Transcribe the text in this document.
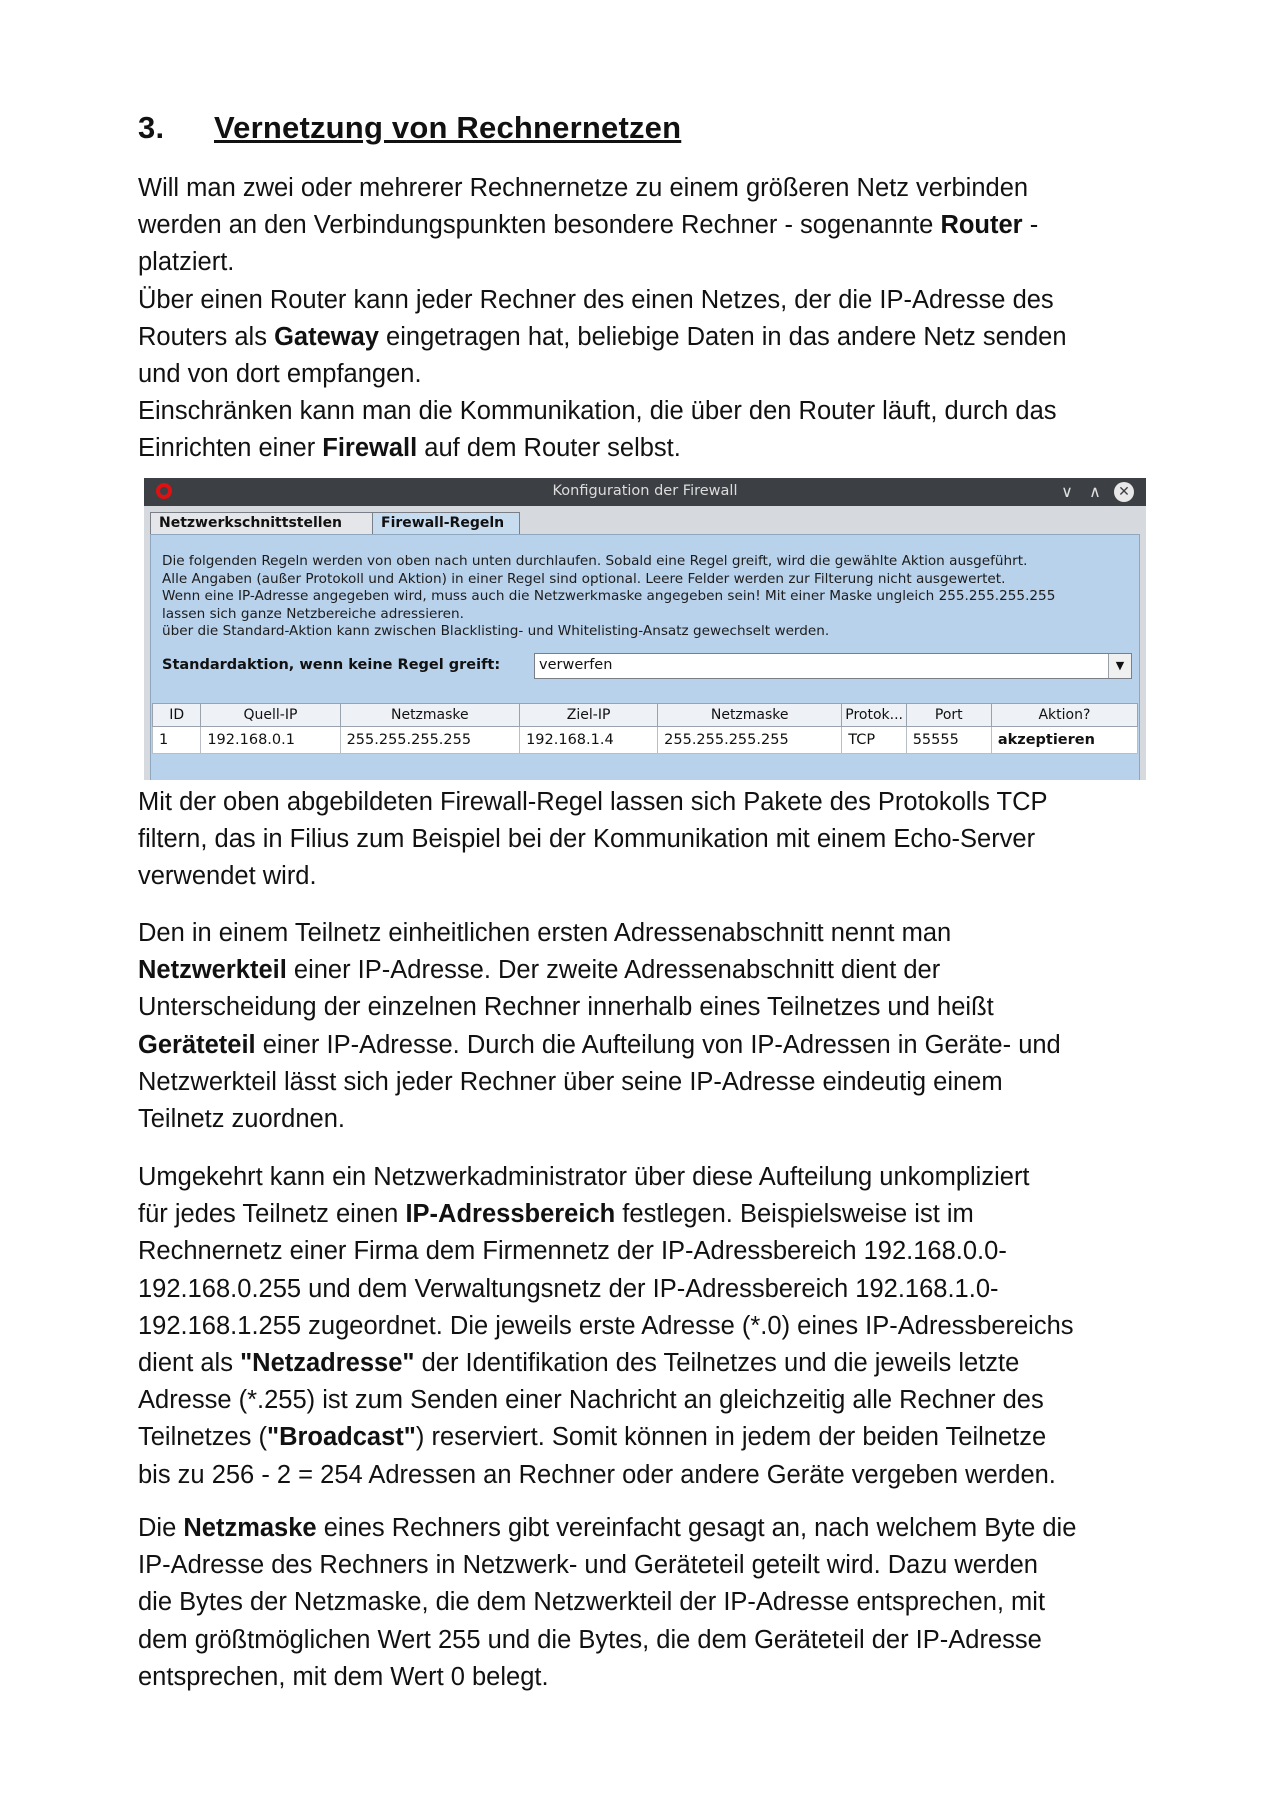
3. Vernetzung von Rechnernetzen

Will man zwei oder mehrerer Rechnernetze zu einem größeren Netz verbinden
werden an den Verbindungspunkten besondere Rechner - sogenannte Router -
platziert.
Über einen Router kann jeder Rechner des einen Netzes, der die IP-Adresse des
Routers als Gateway eingetragen hat, beliebige Daten in das andere Netz senden
und von dort empfangen.
Einschränken kann man die Kommunikation, die über den Router läuft, durch das
Einrichten einer Firewall auf dem Router selbst.

Konfiguration der Firewall	∨	∧	✕
Netzwerkschnittstellen	Firewall-Regeln
Die folgenden Regeln werden von oben nach unten durchlaufen. Sobald eine Regel greift, wird die gewählte Aktion ausgeführt.
Alle Angaben (außer Protokoll und Aktion) in einer Regel sind optional. Leere Felder werden zur Filterung nicht ausgewertet.
Wenn eine IP-Adresse angegeben wird, muss auch die Netzwerkmaske angegeben sein! Mit einer Maske ungleich 255.255.255.255
lassen sich ganze Netzbereiche adressieren.
über die Standard-Aktion kann zwischen Blacklisting- und Whitelisting-Ansatz gewechselt werden.
Standardaktion, wenn keine Regel greift:	verwerfen	▼
ID	Quell-IP	Netzmaske	Ziel-IP	Netzmaske	Protok...	Port	Aktion?
1	192.168.0.1	255.255.255.255	192.168.1.4	255.255.255.255	TCP	55555	akzeptieren

Mit der oben abgebildeten Firewall-Regel lassen sich Pakete des Protokolls TCP
filtern, das in Filius zum Beispiel bei der Kommunikation mit einem Echo-Server
verwendet wird.

Den in einem Teilnetz einheitlichen ersten Adressenabschnitt nennt man
Netzwerkteil einer IP-Adresse. Der zweite Adressenabschnitt dient der
Unterscheidung der einzelnen Rechner innerhalb eines Teilnetzes und heißt
Geräteteil einer IP-Adresse. Durch die Aufteilung von IP-Adressen in Geräte- und
Netzwerkteil lässt sich jeder Rechner über seine IP-Adresse eindeutig einem
Teilnetz zuordnen.

Umgekehrt kann ein Netzwerkadministrator über diese Aufteilung unkompliziert
für jedes Teilnetz einen IP-Adressbereich festlegen. Beispielsweise ist im
Rechnernetz einer Firma dem Firmennetz der IP-Adressbereich 192.168.0.0-
192.168.0.255 und dem Verwaltungsnetz der IP-Adressbereich 192.168.1.0-
192.168.1.255 zugeordnet. Die jeweils erste Adresse (*.0) eines IP-Adressbereichs
dient als "Netzadresse" der Identifikation des Teilnetzes und die jeweils letzte
Adresse (*.255) ist zum Senden einer Nachricht an gleichzeitig alle Rechner des
Teilnetzes ("Broadcast") reserviert. Somit können in jedem der beiden Teilnetze
bis zu 256 - 2 = 254 Adressen an Rechner oder andere Geräte vergeben werden.

Die Netzmaske eines Rechners gibt vereinfacht gesagt an, nach welchem Byte die
IP-Adresse des Rechners in Netzwerk- und Geräteteil geteilt wird. Dazu werden
die Bytes der Netzmaske, die dem Netzwerkteil der IP-Adresse entsprechen, mit
dem größtmöglichen Wert 255 und die Bytes, die dem Geräteteil der IP-Adresse
entsprechen, mit dem Wert 0 belegt.
